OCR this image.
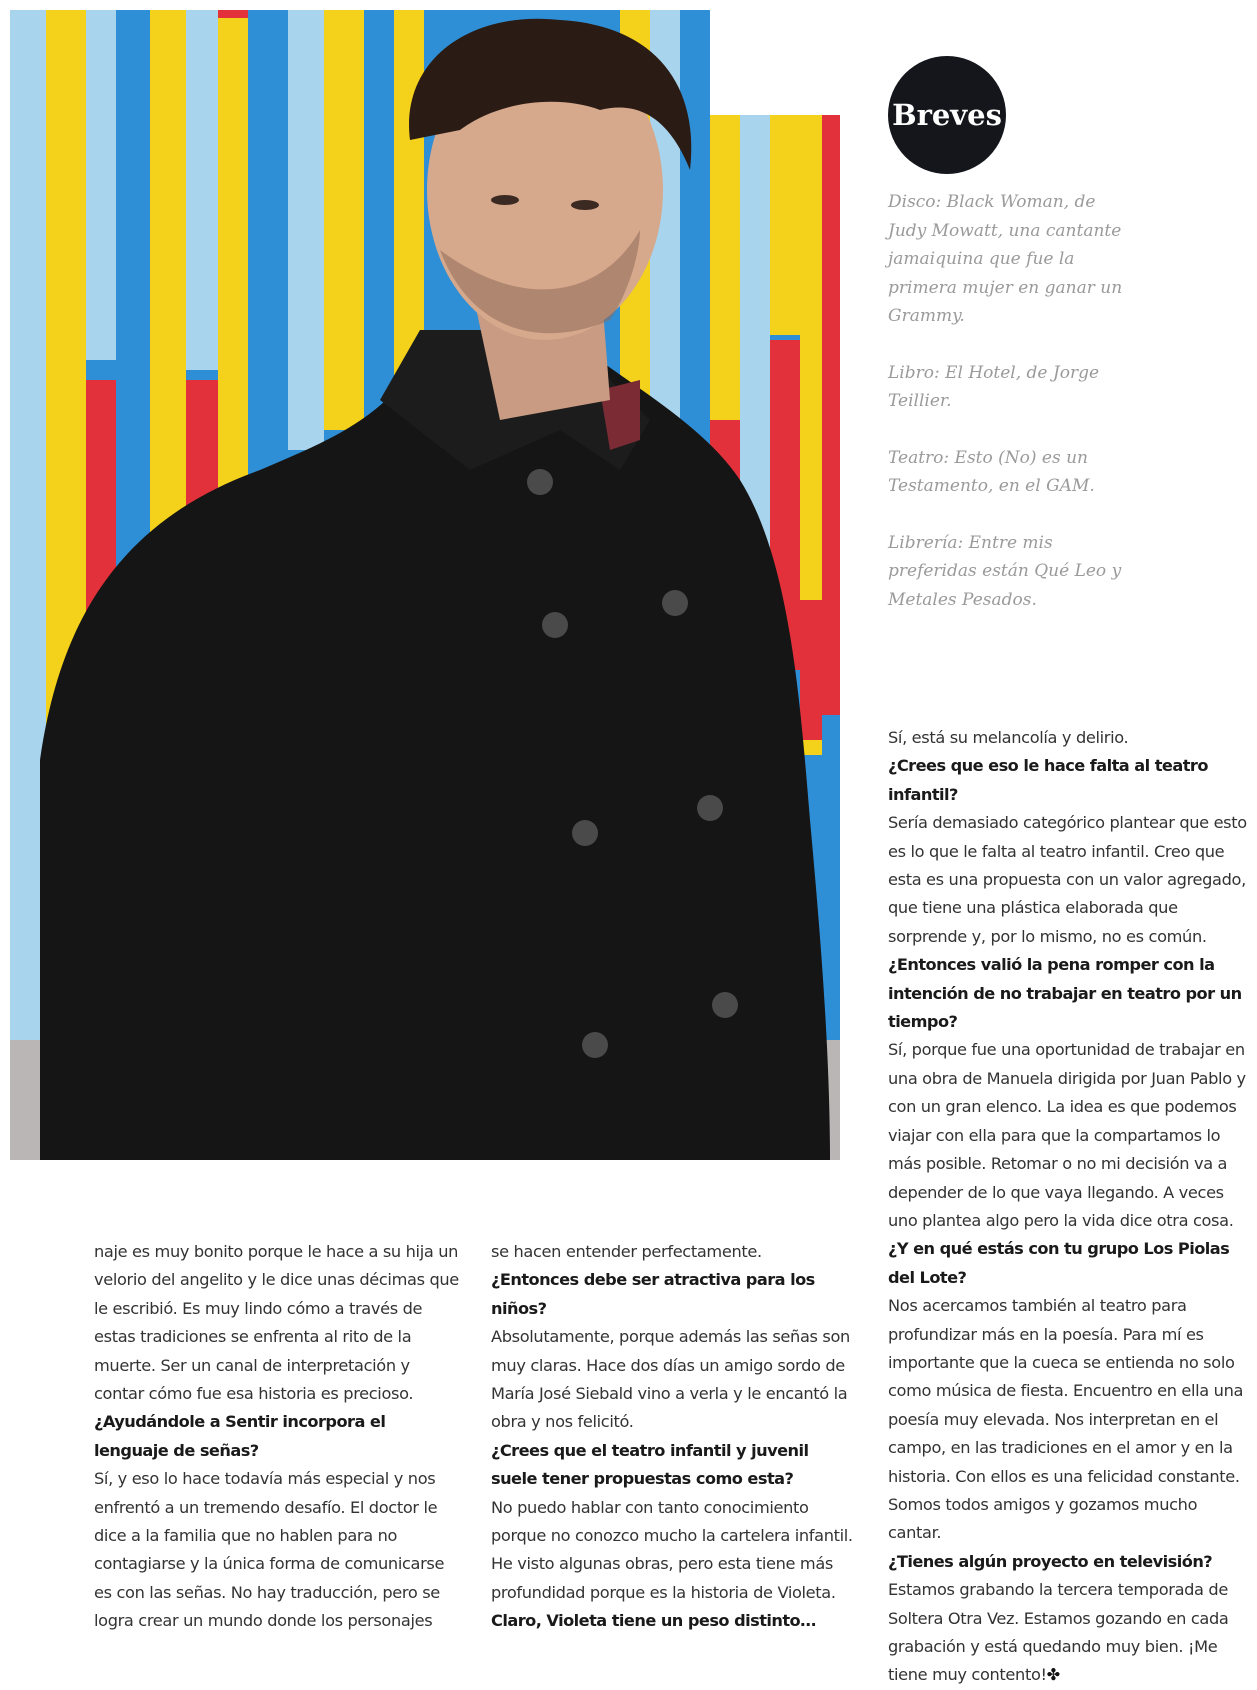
Breves
Disco: Black Woman, de Judy Mowatt, una cantante jamaiquina que fue la primera mujer en ganar un Grammy.
Libro: El Hotel, de Jorge Teillier.
Teatro: Esto (No) es un Testamento, en el GAM.
Librería: Entre mis preferidas están Qué Leo y Metales Pesados.

naje es muy bonito porque le hace a su hija un velorio del angelito y le dice unas décimas que le escribió. Es muy lindo cómo a través de estas tradiciones se enfrenta al rito de la muerte. Ser un canal de interpretación y contar cómo fue esa historia es precioso.

¿Ayudándole a Sentir incorpora el lenguaje de señas?

Sí, y eso lo hace todavía más especial y nos enfrentó a un tremendo desafío. El doctor le dice a la familia que no hablen para no contagiarse y la única forma de comunicarse es con las señas. No hay traducción, pero se logra crear un mundo donde los personajes

se hacen entender perfectamente.

¿Entonces debe ser atractiva para los niños?

Absolutamente, porque además las señas son muy claras. Hace dos días un amigo sordo de María José Siebald vino a verla y le encantó la obra y nos felicitó.

¿Crees que el teatro infantil y juvenil suele tener propuestas como esta?

No puedo hablar con tanto conocimiento porque no conozco mucho la cartelera infantil. He visto algunas obras, pero esta tiene más profundidad porque es la historia de Violeta.

Claro, Violeta tiene un peso distinto…

Sí, está su melancolía y delirio.

¿Crees que eso le hace falta al teatro infantil?

Sería demasiado categórico plantear que esto es lo que le falta al teatro infantil. Creo que esta es una propuesta con un valor agregado, que tiene una plástica elaborada que sorprende y, por lo mismo, no es común.

¿Entonces valió la pena romper con la intención de no trabajar en teatro por un tiempo?

Sí, porque fue una oportunidad de trabajar en una obra de Manuela dirigida por Juan Pablo y con un gran elenco. La idea es que podemos viajar con ella para que la compartamos lo más posible. Retomar o no mi decisión va a depender de lo que vaya llegando. A veces uno plantea algo pero la vida dice otra cosa.

¿Y en qué estás con tu grupo Los Piolas del Lote?

Nos acercamos también al teatro para profundizar más en la poesía. Para mí es importante que la cueca se entienda no solo como música de fiesta. Encuentro en ella una poesía muy elevada. Nos interpretan en el campo, en las tradiciones en el amor y en la historia. Con ellos es una felicidad constante. Somos todos amigos y gozamos mucho cantar.

¿Tienes algún proyecto en televisión?

Estamos grabando la tercera temporada de Soltera Otra Vez. Estamos gozando en cada grabación y está quedando muy bien. ¡Me tiene muy contento!✤
